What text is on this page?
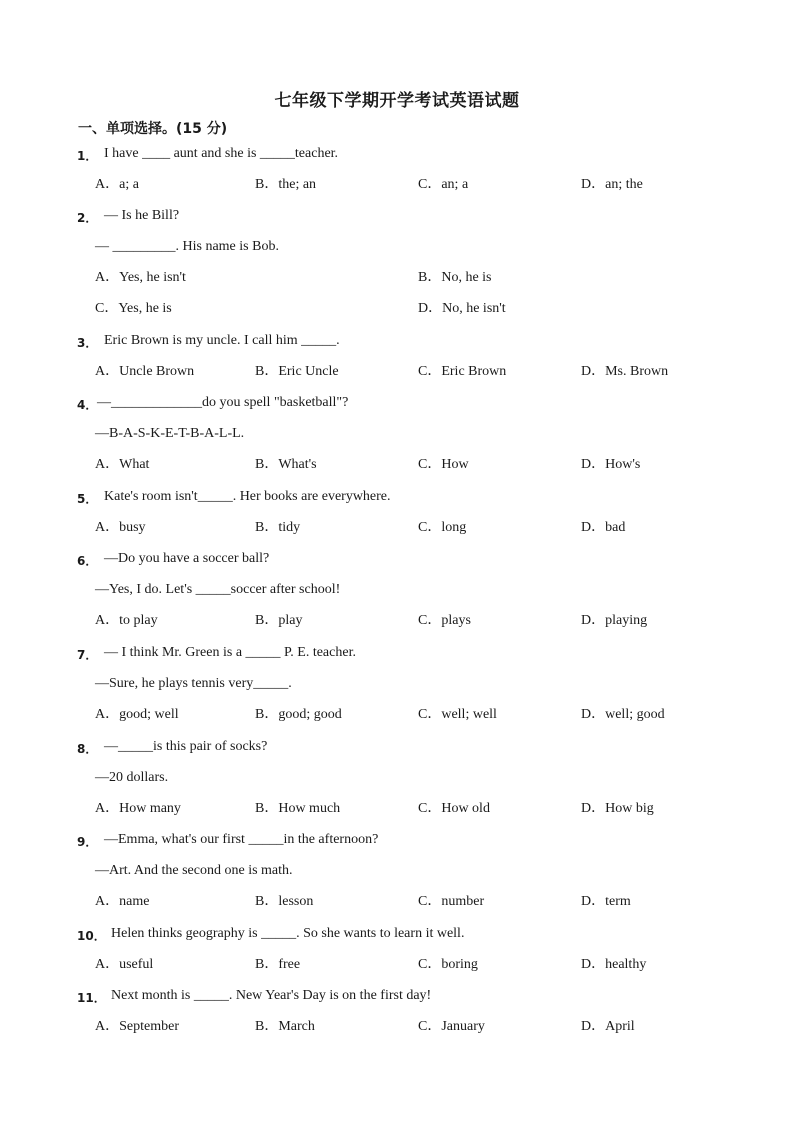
七年级下学期开学考试英语试题
一、单项选择。(15 分)
1． I have ____ aunt and she is _____teacher.
A．a; a	B．the; an	C．an; a	D．an; the
2． — Is he Bill?
— _________. His name is Bob.
A．Yes, he isn't	B．No, he is
C．Yes, he is	D．No, he isn't
3． Eric Brown is my uncle. I call him _____.
A．Uncle Brown	B．Eric Uncle	C．Eric Brown	D．Ms. Brown
4． —_____________do you spell "basketball"?
—B-A-S-K-E-T-B-A-L-L.
A．What	B．What's	C．How	D．How's
5． Kate's room isn't_____. Her books are everywhere.
A．busy	B．tidy	C．long	D．bad
6． —Do you have a soccer ball?
—Yes, I do. Let's _____soccer after school!
A．to play	B．play	C．plays	D．playing
7． — I think Mr. Green is a _____ P. E. teacher.
—Sure, he plays tennis very_____.
A．good; well	B．good; good	C．well; well	D．well; good
8． —_____is this pair of socks?
—20 dollars.
A．How many	B．How much	C．How old	D．How big
9． —Emma, what's our first _____in the afternoon?
—Art. And the second one is math.
A．name	B．lesson	C．number	D．term
10． Helen thinks geography is _____. So she wants to learn it well.
A．useful	B．free	C．boring	D．healthy
11． Next month is _____. New Year's Day is on the first day!
A．September	B．March	C．January	D．April
